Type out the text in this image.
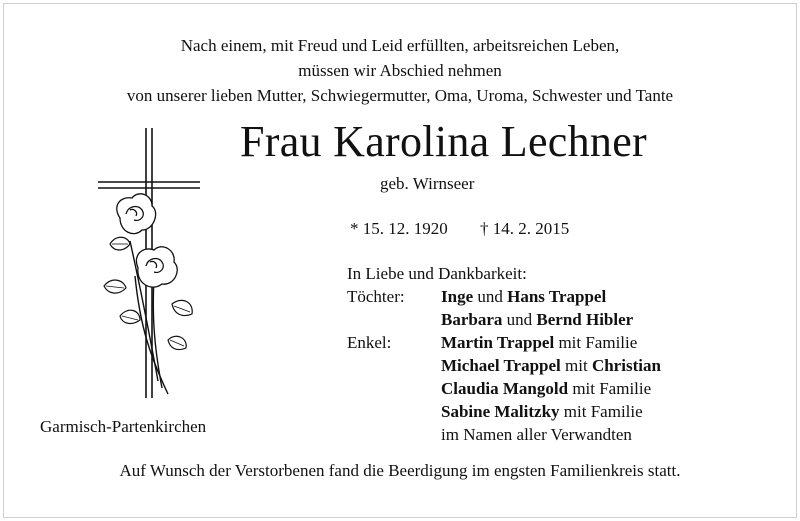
Nach einem, mit Freud und Leid erfüllten, arbeitsreichen Leben,
müssen wir Abschied nehmen
von unserer lieben Mutter, Schwiegermutter, Oma, Uroma, Schwester und Tante
Frau Karolina Lechner
geb. Wirnseer
* 15. 12. 1920 † 14. 2. 2015
In Liebe und Dankbarkeit:
Töchter:	Inge und Hans Trappel
Barbara und Bernd Hibler
Enkel:	Martin Trappel mit Familie
Michael Trappel mit Christian
Claudia Mangold mit Familie
Sabine Malitzky mit Familie
im Namen aller Verwandten
Garmisch-Partenkirchen
Auf Wunsch der Verstorbenen fand die Beerdigung im engsten Familienkreis statt.
